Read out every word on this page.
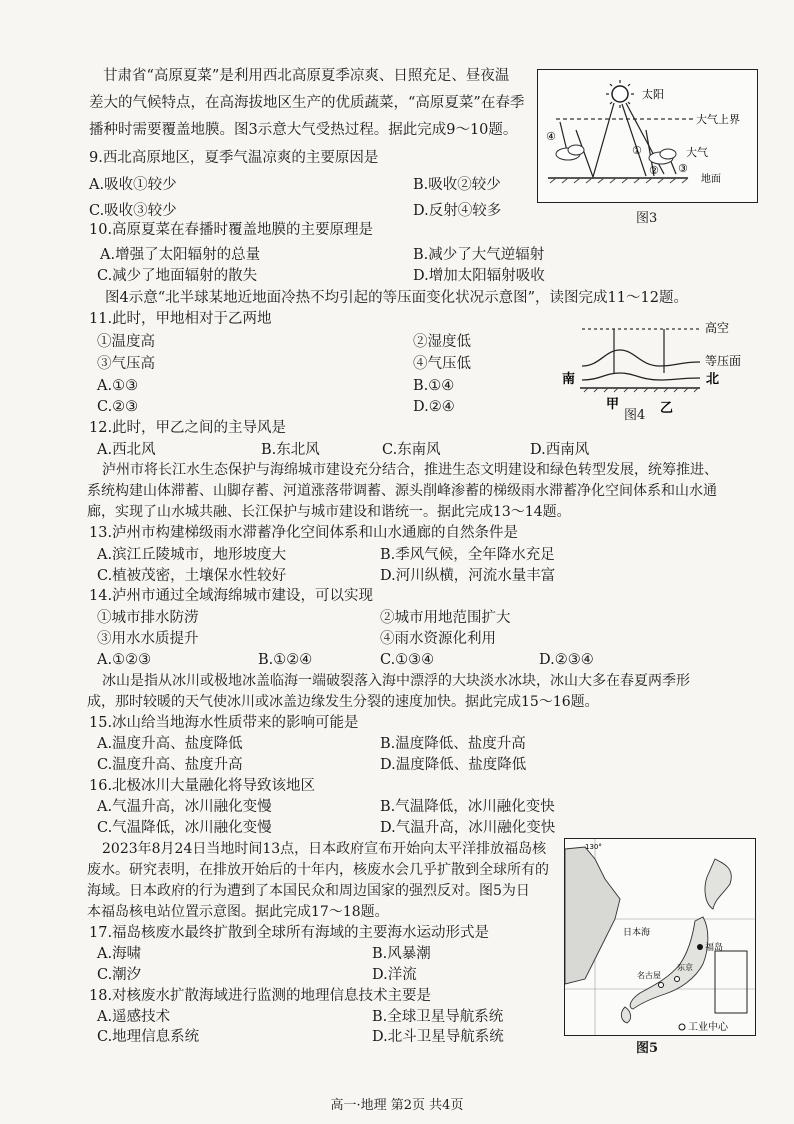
甘肃省“高原夏菜”是利用西北高原夏季凉爽、日照充足、昼夜温
差大的气候特点，在高海拔地区生产的优质蔬菜，“高原夏菜”在春季
播种时需要覆盖地膜。图3示意大气受热过程。据此完成9～10题。
9.西北高原地区，夏季气温凉爽的主要原因是
A.吸收①较少	B.吸收②较少
C.吸收③较少	D.反射④较多
太阳
大气上界
大气
地面
①
② ③
④
图3
10.高原夏菜在春播时覆盖地膜的主要原理是
A.增强了太阳辐射的总量	B.减少了大气逆辐射
C.减少了地面辐射的散失	D.增加太阳辐射吸收
图4示意“北半球某地近地面冷热不均引起的等压面变化状况示意图”，读图完成11～12题。
11.此时，甲地相对于乙两地
①温度高	②湿度低
③气压高	④气压低
A.①③	B.①④
C.②③	D.②④
高空
等压面
南	北
甲	乙
图4
12.此时，甲乙之间的主导风是
A.西北风	B.东北风	C.东南风	D.西南风
泸州市将长江水生态保护与海绵城市建设充分结合，推进生态文明建设和绿色转型发展，统筹推进、
系统构建山体滞蓄、山脚存蓄、河道涨落带调蓄、源头削峰渗蓄的梯级雨水滞蓄净化空间体系和山水通
廊，实现了山水城共融、长江保护与城市建设和谐统一。据此完成13～14题。
13.泸州市构建梯级雨水滞蓄净化空间体系和山水通廊的自然条件是
A.滨江丘陵城市，地形坡度大	B.季风气候，全年降水充足
C.植被茂密，土壤保水性较好	D.河川纵横，河流水量丰富
14.泸州市通过全域海绵城市建设，可以实现
①城市排水防涝	②城市用地范围扩大
③用水水质提升	④雨水资源化利用
A.①②③	B.①②④	C.①③④	D.②③④
冰山是指从冰川或极地冰盖临海一端破裂落入海中漂浮的大块淡水冰块，冰山大多在春夏两季形
成，那时较暖的天气使冰川或冰盖边缘发生分裂的速度加快。据此完成15～16题。
15.冰山给当地海水性质带来的影响可能是
A.温度升高、盐度降低	B.温度降低、盐度升高
C.温度升高、盐度升高	D.温度降低、盐度降低
16.北极冰川大量融化将导致该地区
A.气温升高，冰川融化变慢	B.气温降低，冰川融化变快
C.气温降低，冰川融化变慢	D.气温升高，冰川融化变快
2023年8月24日当地时间13点，日本政府宣布开始向太平洋排放福岛核
废水。研究表明，在排放开始后的十年内，核废水会几乎扩散到全球所有的
海域。日本政府的行为遭到了本国民众和周边国家的强烈反对。图5为日
本福岛核电站位置示意图。据此完成17～18题。
17.福岛核废水最终扩散到全球所有海域的主要海水运动形式是
A.海啸	B.风暴潮
C.潮汐	D.洋流
18.对核废水扩散海域进行监测的地理信息技术主要是
A.遥感技术	B.全球卫星导航系统
C.地理信息系统	D.北斗卫星导航系统
130°
福岛
日本海
名古屋
东京
工业中心
图5
高一·地理 第2页 共4页
